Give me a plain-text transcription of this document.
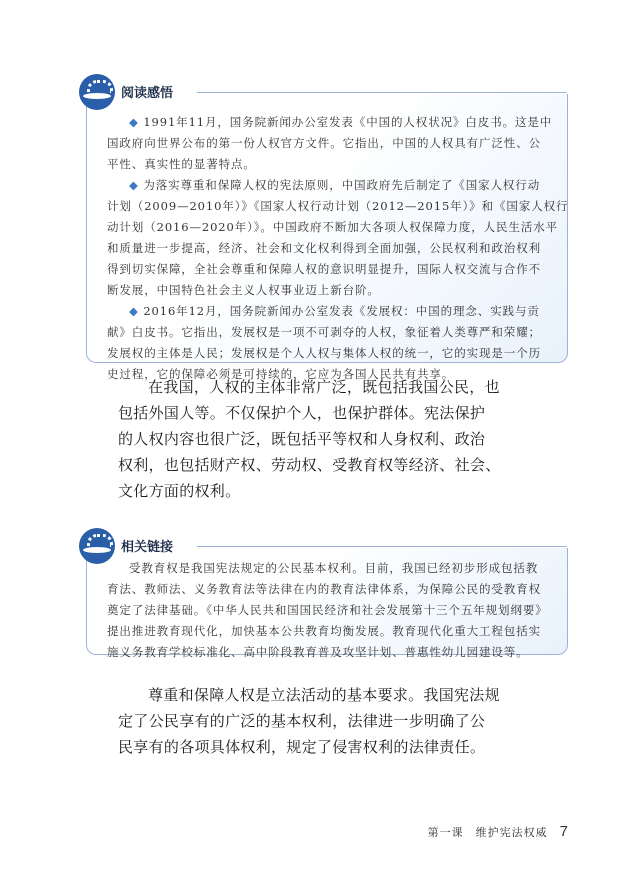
阅读感悟
◆ 1991年11月，国务院新闻办公室发表《中国的人权状况》白皮书。这是中
国政府向世界公布的第一份人权官方文件。它指出，中国的人权具有广泛性、公
平性、真实性的显著特点。
◆ 为落实尊重和保障人权的宪法原则，中国政府先后制定了《国家人权行动
计划（2009—2010年）》《国家人权行动计划（2012—2015年）》和《国家人权行
动计划（2016—2020年）》。中国政府不断加大各项人权保障力度，人民生活水平
和质量进一步提高，经济、社会和文化权利得到全面加强，公民权利和政治权利
得到切实保障，全社会尊重和保障人权的意识明显提升，国际人权交流与合作不
断发展，中国特色社会主义人权事业迈上新台阶。
◆ 2016年12月，国务院新闻办公室发表《发展权：中国的理念、实践与贡
献》白皮书。它指出，发展权是一项不可剥夺的人权，象征着人类尊严和荣耀；
发展权的主体是人民；发展权是个人人权与集体人权的统一，它的实现是一个历
史过程，它的保障必须是可持续的，它应为各国人民共有共享。
在我国，人权的主体非常广泛，既包括我国公民，也
包括外国人等。不仅保护个人，也保护群体。宪法保护
的人权内容也很广泛，既包括平等权和人身权利、政治
权利，也包括财产权、劳动权、受教育权等经济、社会、
文化方面的权利。
相关链接
受教育权是我国宪法规定的公民基本权利。目前，我国已经初步形成包括教
育法、教师法、义务教育法等法律在内的教育法律体系，为保障公民的受教育权
奠定了法律基础。《中华人民共和国国民经济和社会发展第十三个五年规划纲要》
提出推进教育现代化，加快基本公共教育均衡发展。教育现代化重大工程包括实
施义务教育学校标准化、高中阶段教育普及攻坚计划、普惠性幼儿园建设等。
尊重和保障人权是立法活动的基本要求。我国宪法规
定了公民享有的广泛的基本权利，法律进一步明确了公
民享有的各项具体权利，规定了侵害权利的法律责任。
第一课　维护宪法权威 7
